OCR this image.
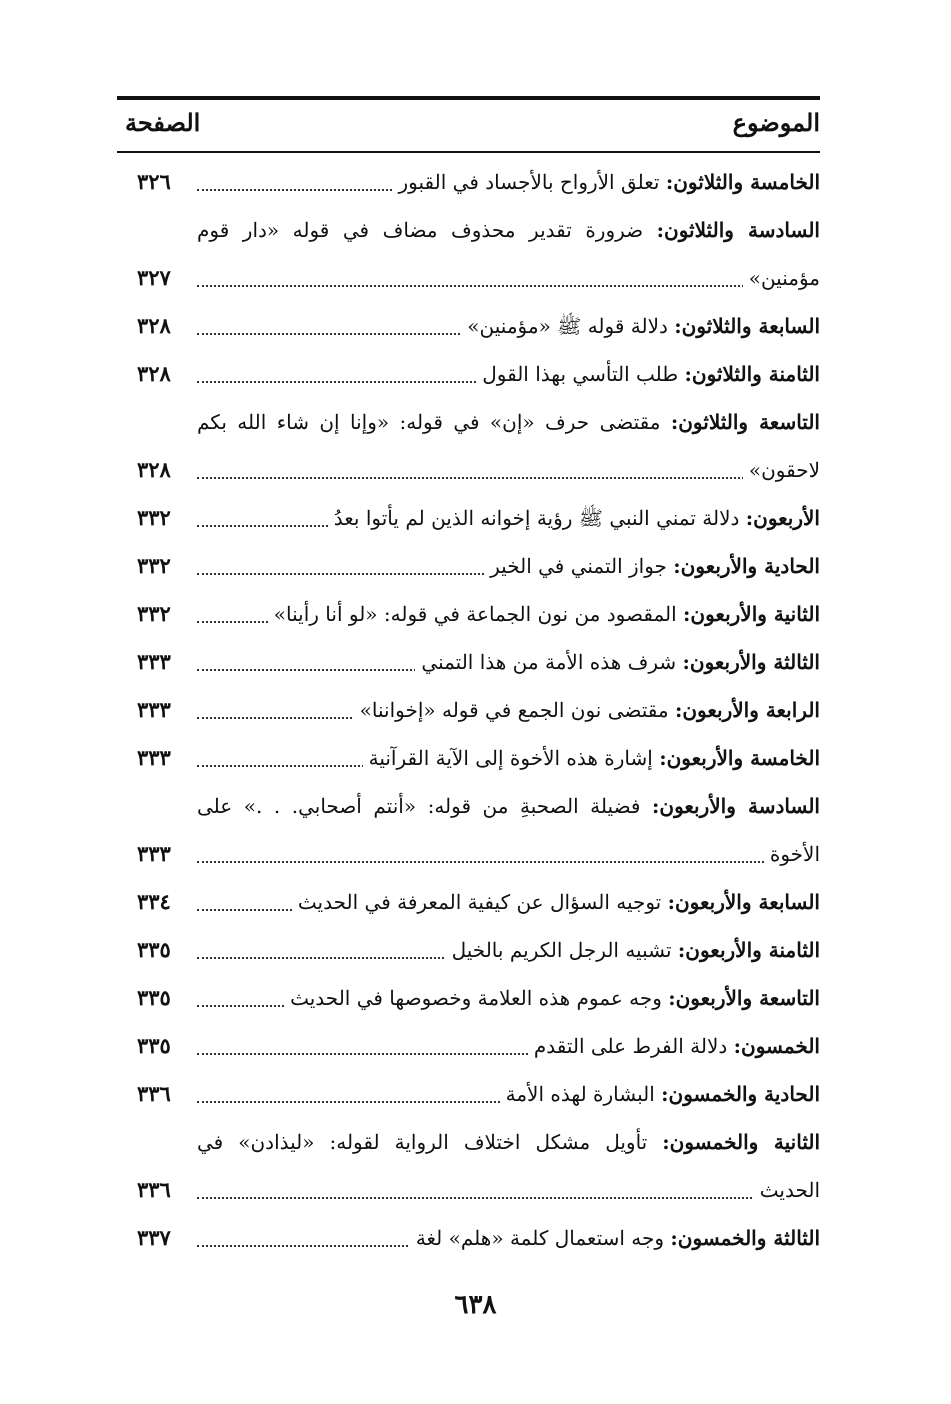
الموضوع
الصفحة
الخامسة والثلاثون: تعلق الأرواح بالأجساد في القبور
٣٢٦
السادسة والثلاثون: ضرورة تقدير محذوف مضاف في قوله «دار قوم
مؤمنين»
٣٢٧
السابعة والثلاثون: دلالة قوله ﷺ «مؤمنين»
٣٢٨
الثامنة والثلاثون: طلب التأسي بهذا القول
٣٢٨
التاسعة والثلاثون: مقتضى حرف «إن» في قوله: «وإنا إن شاء الله بكم
لاحقون»
٣٢٨
الأربعون: دلالة تمني النبي ﷺ رؤية إخوانه الذين لم يأتوا بعدُ
٣٣٢
الحادية والأربعون: جواز التمني في الخير
٣٣٢
الثانية والأربعون: المقصود من نون الجماعة في قوله: «لو أنا رأينا»
٣٣٢
الثالثة والأربعون: شرف هذه الأمة من هذا التمني
٣٣٣
الرابعة والأربعون: مقتضى نون الجمع في قوله «إخواننا»
٣٣٣
الخامسة والأربعون: إشارة هذه الأخوة إلى الآية القرآنية
٣٣٣
السادسة والأربعون: فضيلة الصحبةِ من قوله: «أنتم أصحابي. . .» على
الأخوة
٣٣٣
السابعة والأربعون: توجيه السؤال عن كيفية المعرفة في الحديث
٣٣٤
الثامنة والأربعون: تشبيه الرجل الكريم بالخيل
٣٣٥
التاسعة والأربعون: وجه عموم هذه العلامة وخصوصها في الحديث
٣٣٥
الخمسون: دلالة الفرط على التقدم
٣٣٥
الحادية والخمسون: البشارة لهذه الأمة
٣٣٦
الثانية والخمسون: تأويل مشكل اختلاف الرواية لقوله: «ليذادن» في
الحديث
٣٣٦
الثالثة والخمسون: وجه استعمال كلمة «هلم» لغة
٣٣٧
٦٣٨
